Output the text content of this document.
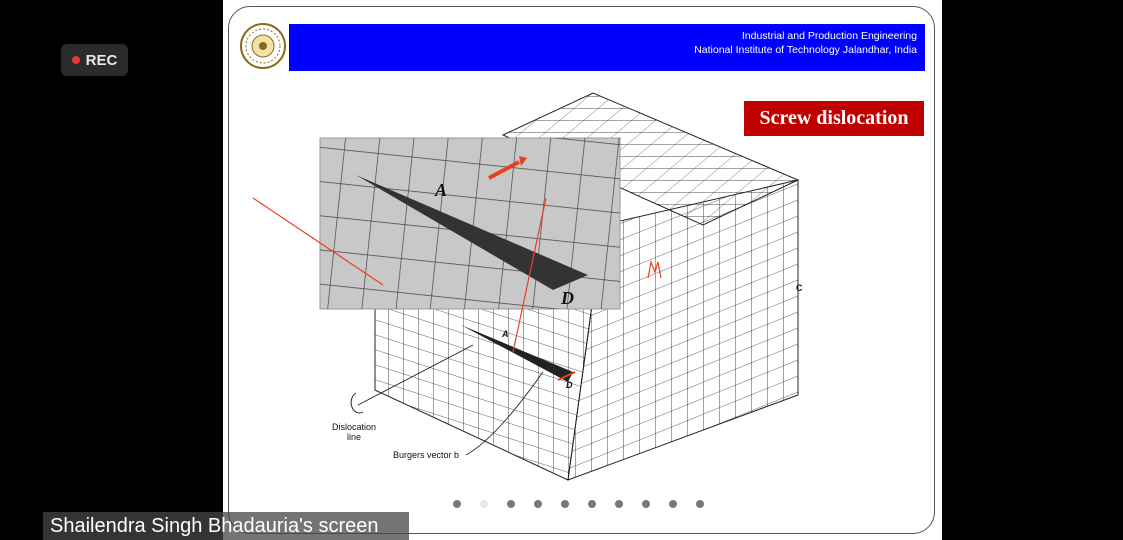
REC
Industrial and Production Engineering
National Institute of Technology Jalandhar, India
Screw dislocation
A
D
C
A
D
Dislocation
line
Burgers vector b
Shailendra Singh Bhadauria's screen
